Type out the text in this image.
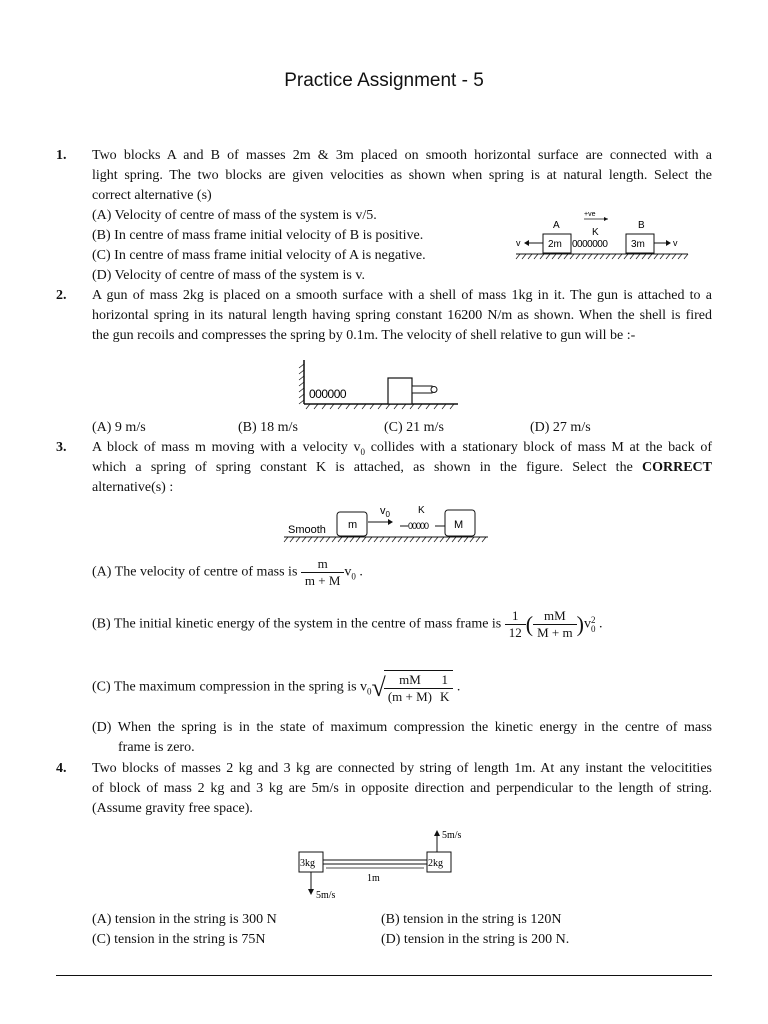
Practice Assignment - 5
1. Two blocks A and B of masses 2m & 3m placed on smooth horizontal surface are connected with a
light spring. The two blocks are given velocities as shown when spring is at natural length. Select the
correct alternative (s)
(A) Velocity of centre of mass of the system is v/5.
(B) In centre of mass frame initial velocity of B is positive.
(C) In centre of mass frame initial velocity of A is negative.
(D) Velocity of centre of mass of the system is v.
+ve
A
K
B
2m 0000000 3m
v	v
2. A gun of mass 2kg is placed on a smooth surface with a shell of mass 1kg in it. The gun is attached to a
horizontal spring in its natural length having spring constant 16200 N/m as shown. When the shell is fired
the gun recoils and compresses the spring by 0.1m. The velocity of shell relative to gun will be :-
000000
(A) 9 m/s	(B) 18 m/s	(C) 21 m/s	(D) 27 m/s
3. A block of mass m moving with a velocity $v_0$ collides with a stationary block of mass M at the back of
which a spring of spring constant K is attached, as shown in the figure. Select the CORRECT
alternative(s) :
Smooth m
$v_0$	K
00000 M
(A) The velocity of centre of mass is $\frac{m}{m + M} v_0$ .
(B) The initial kinetic energy of the system in the centre of mass frame is $\frac{1}{12}$ ( $\frac{mM}{M + m} )v$ 2
0 .
(C) The maximum compression in the spring is $v_0√$
$\frac{mM}{(m + M)} \frac{1}{K}$ .
(D) When the spring is in the state of maximum compression the kinetic energy in the centre of mass
frame is zero.
4. Two blocks of masses 2 kg and 3 kg are connected by string of length 1m. At any instant the velocitities
of block of mass 2 kg and 3 kg are 5m/s in opposite direction and perpendicular to the length of string.
(Assume gravity free space).
5m/s
3kg	2kg
1m
5m/s
(A) tension in the string is 300 N	(B) tension in the string is 120N
(C) tension in the string is 75N	(D) tension in the string is 200 N.
